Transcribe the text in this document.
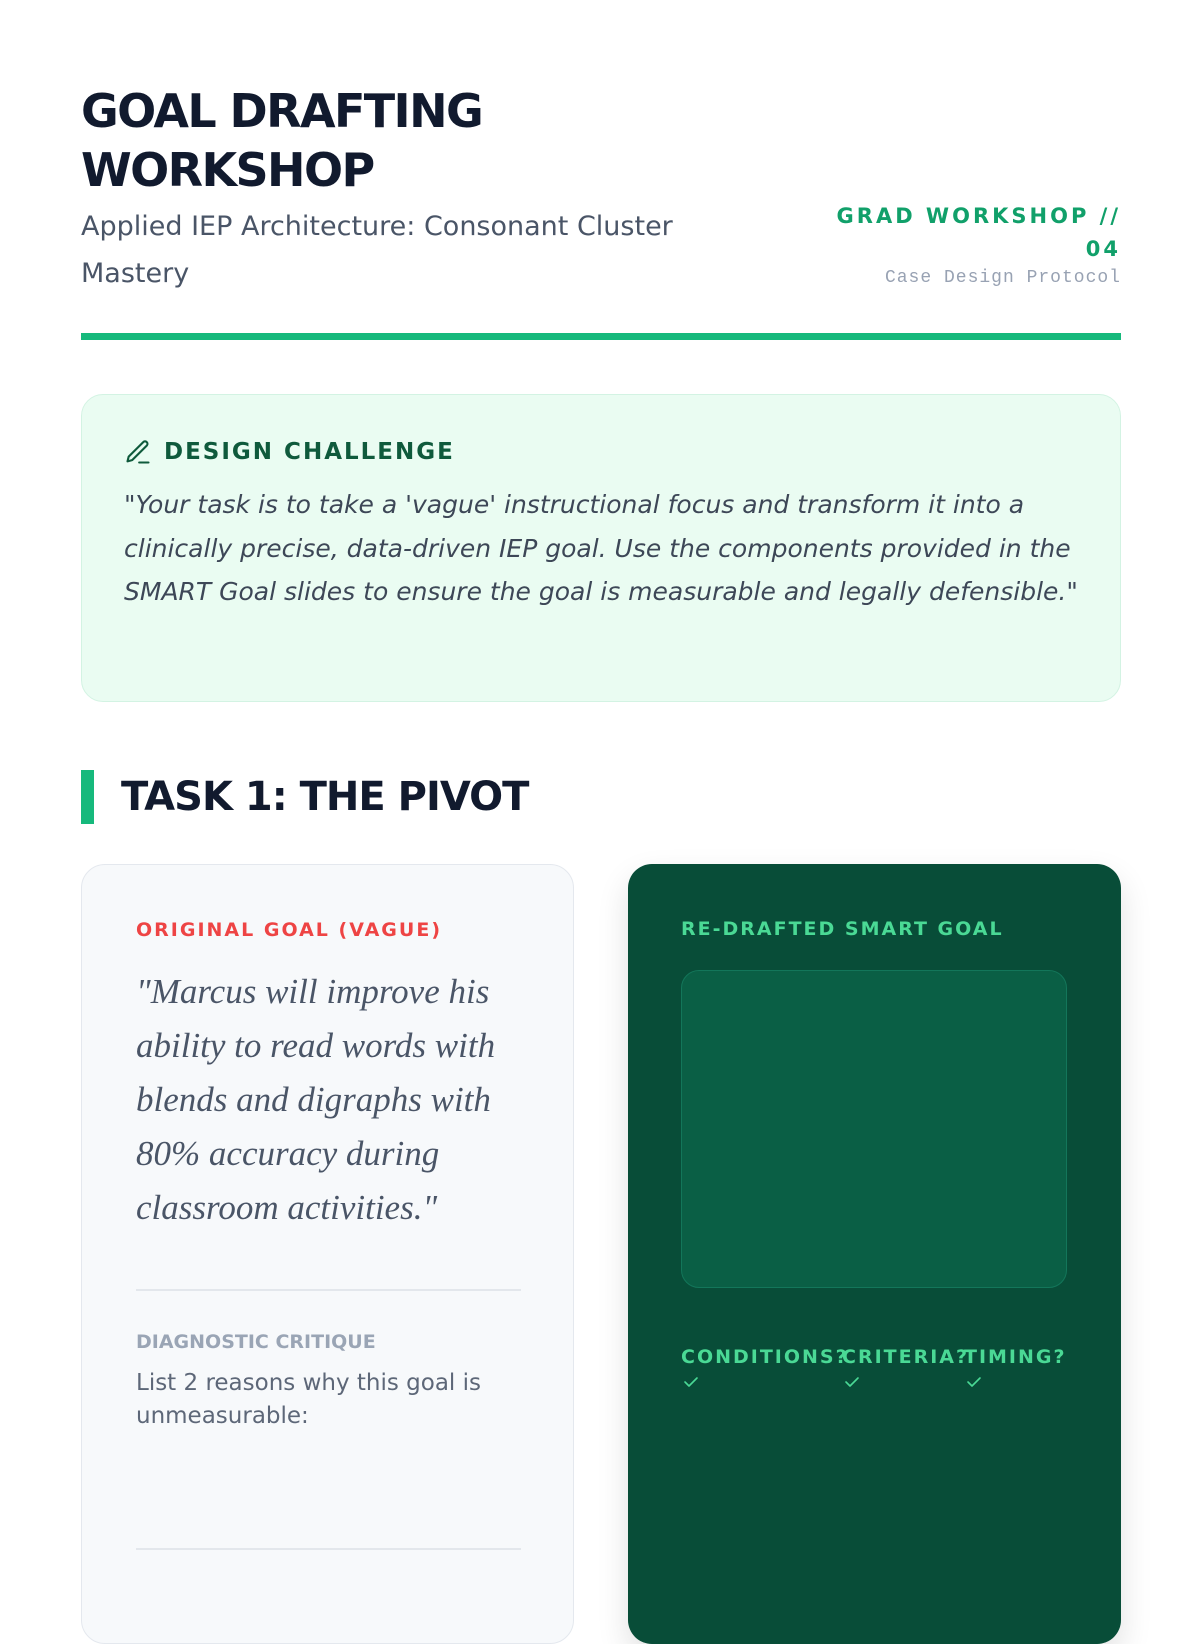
GOAL DRAFTING WORKSHOP
Applied IEP Architecture: Consonant Cluster Mastery
GRAD WORKSHOP // 04
Case Design Protocol
DESIGN CHALLENGE
"Your task is to take a 'vague' instructional focus and transform it into a clinically precise, data-driven IEP goal. Use the components provided in the SMART Goal slides to ensure the goal is measurable and legally defensible."
TASK 1: THE PIVOT
ORIGINAL GOAL (VAGUE)
"Marcus will improve his ability to read words with blends and digraphs with 80% accuracy during classroom activities."
DIAGNOSTIC CRITIQUE
List 2 reasons why this goal is unmeasurable:
RE-DRAFTED SMART GOAL
CONDITIONS?
CRITERIA?
TIMING?
